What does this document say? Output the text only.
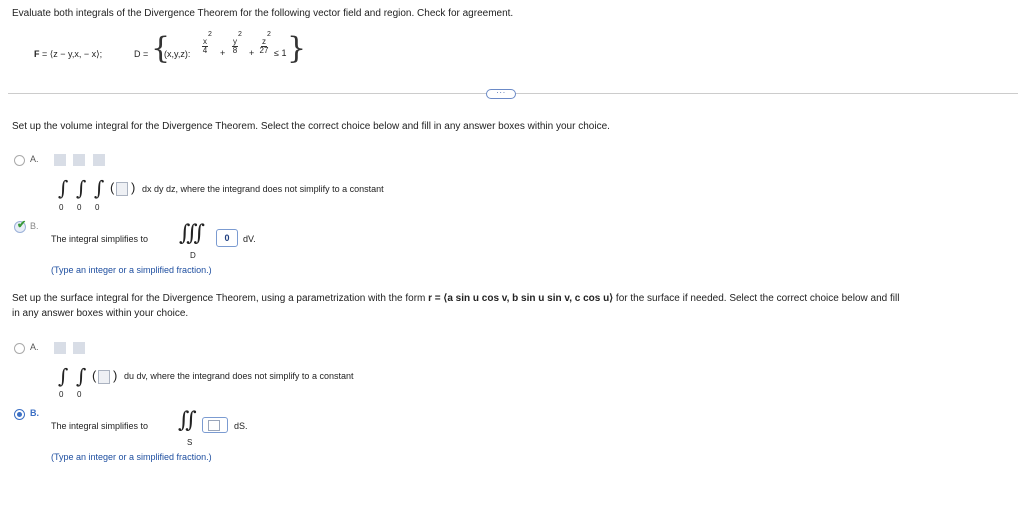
Evaluate both integrals of the Divergence Theorem for the following vector field and region. Check for agreement.
F = ⟨z − y,x, − x⟩;	D = {
(x,y,z):
x
2
4	+
y
2
8	+
z
2
27 ≤ 1 }
···
Set up the volume integral for the Divergence Theorem. Select the correct choice below and fill in any answer boxes within your choice.
A.
∫ ∫ ∫
0 0 0
( ) dx dy dz, where the integrand does not simplify to a constant
✔ B.
The integral simplifies to ∭
D
0	dV.
(Type an integer or a simplified fraction.)
Set up the surface integral for the Divergence Theorem, using a parametrization with the form r = ⟨a sin u cos v, b sin u sin v, c cos u⟩ for the surface if needed. Select the correct choice below and fill
in any answer boxes within your choice.
A.
∫ ∫
0 0
( ) du dv, where the integrand does not simplify to a constant
B.
The integral simplifies to ∬
S
dS.
(Type an integer or a simplified fraction.)
